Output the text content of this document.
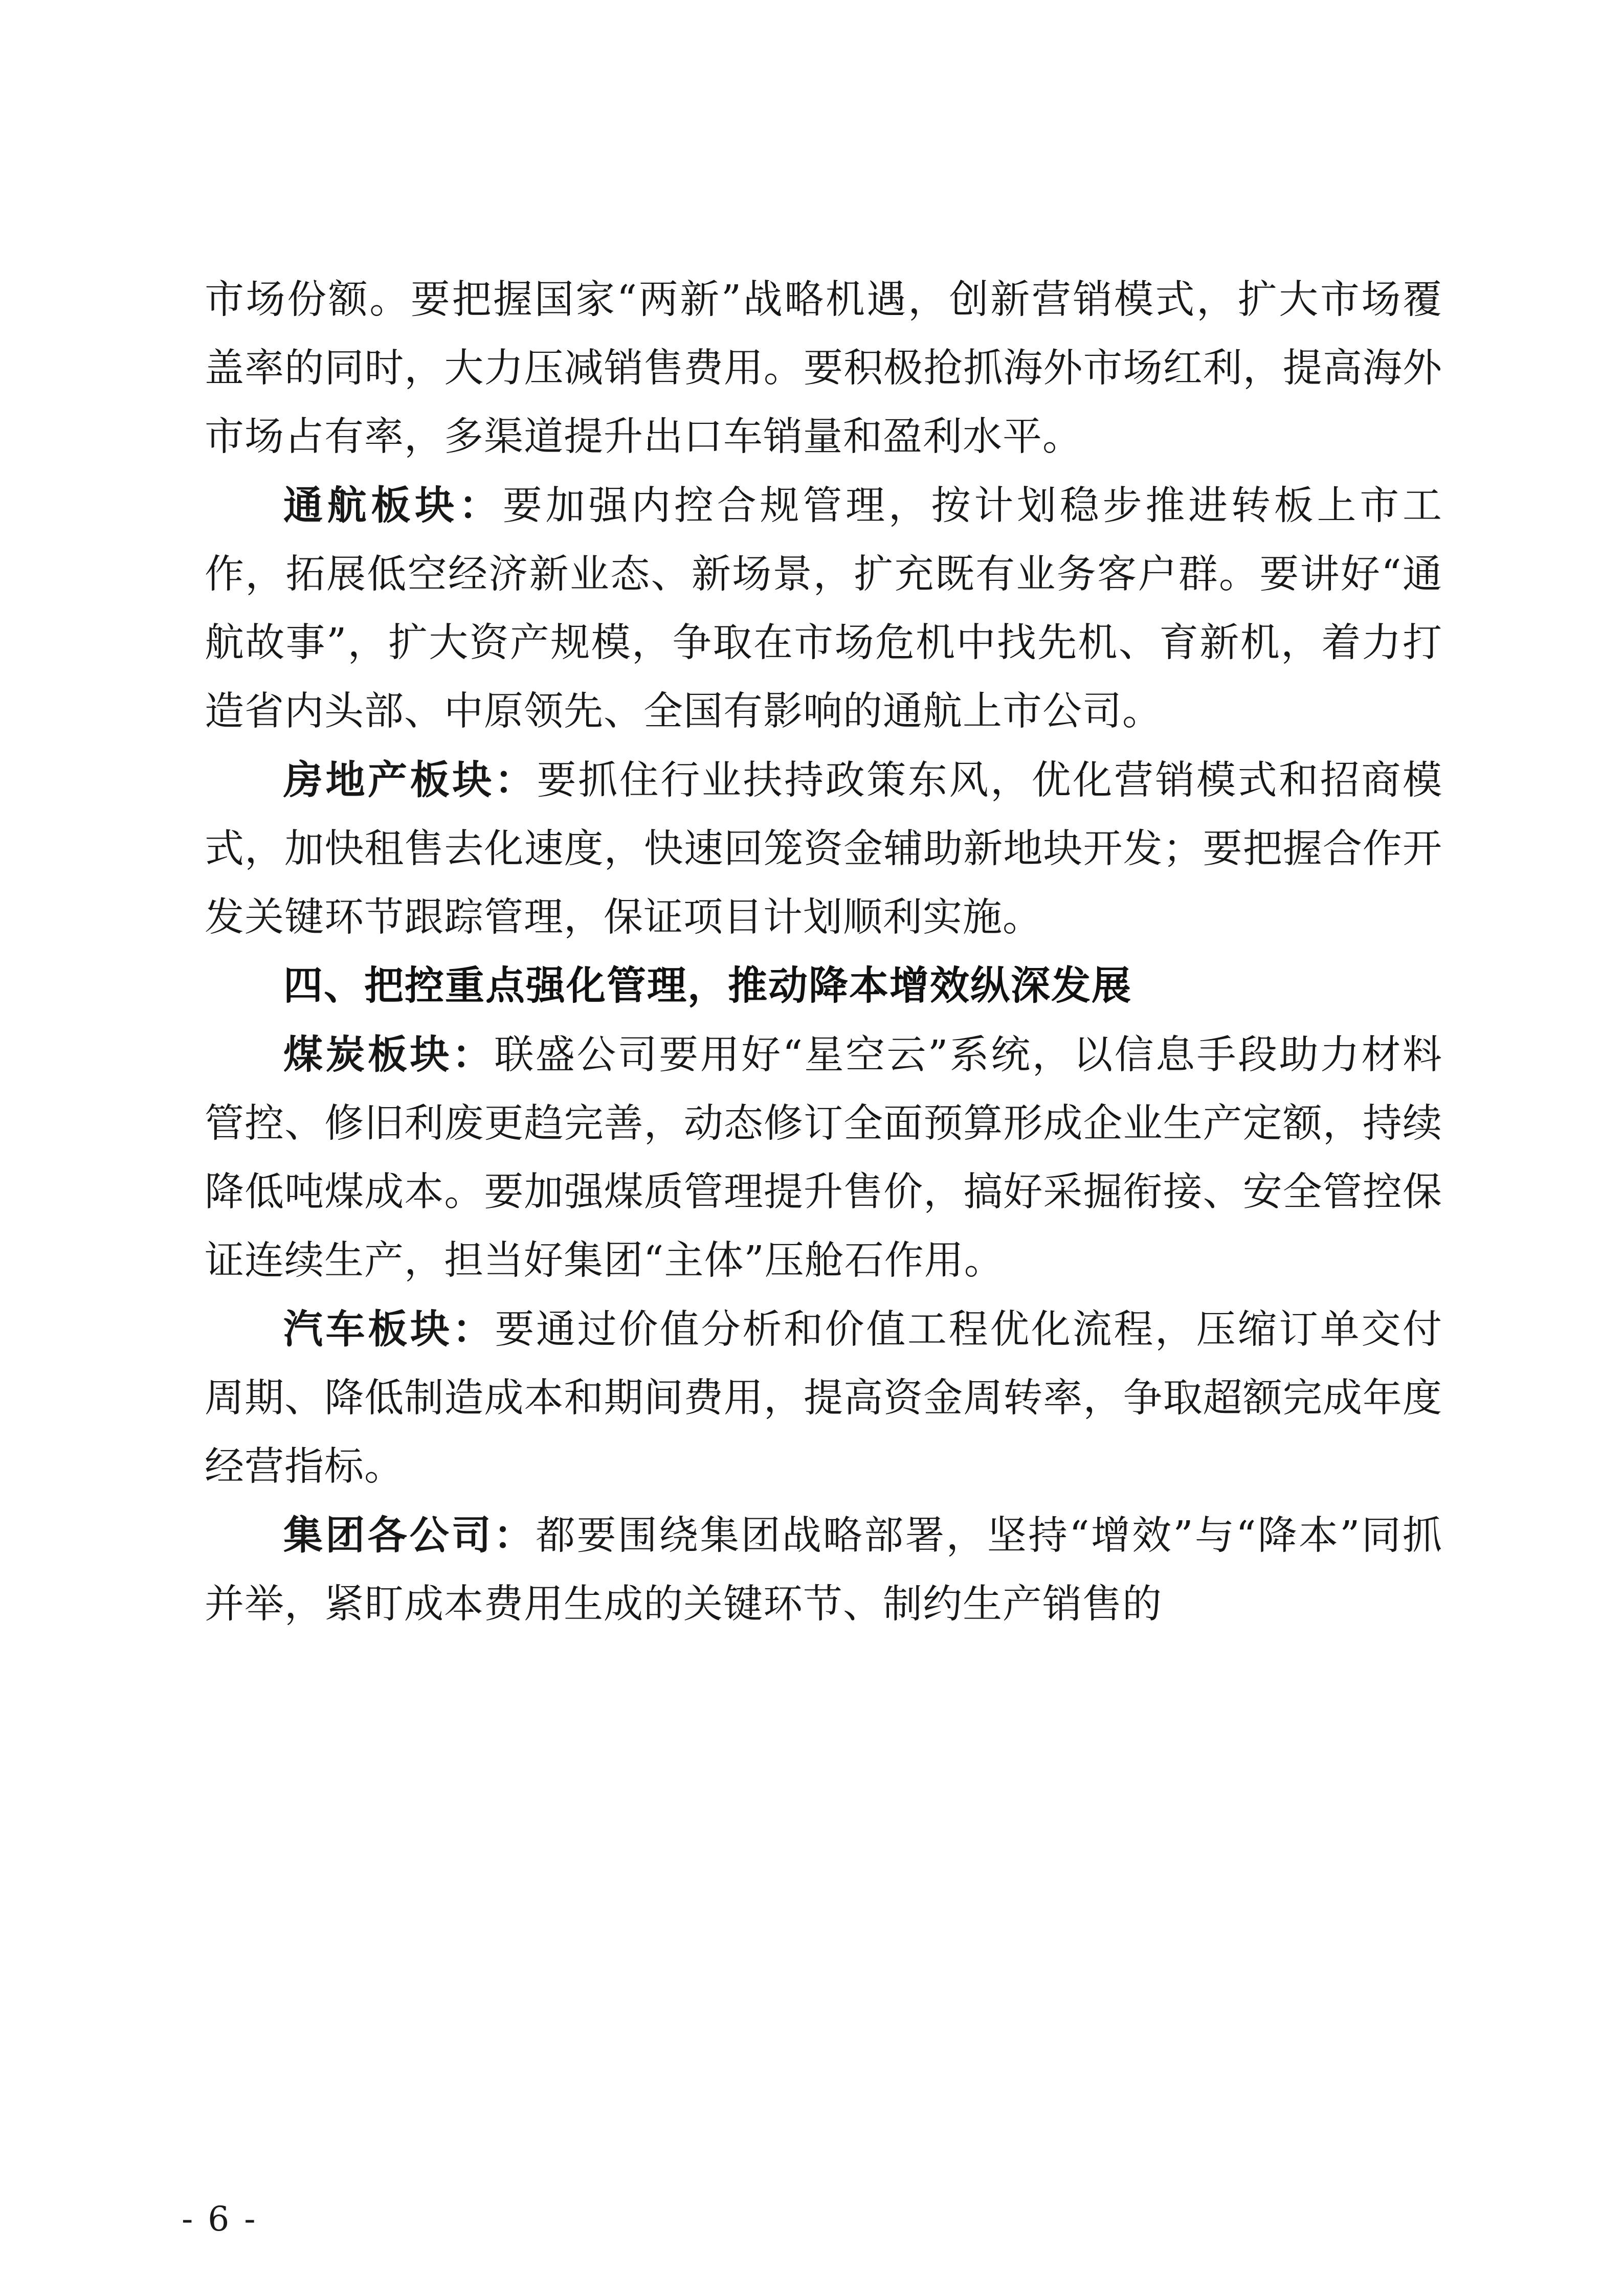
市场份额。要把握国家“两新”战略机遇，创新营销模式，扩大市场覆盖率的同时，大力压减销售费用。要积极抢抓海外市场红利，提高海外市场占有率，多渠道提升出口车销量和盈利水平。

通航板块：要加强内控合规管理，按计划稳步推进转板上市工作，拓展低空经济新业态、新场景，扩充既有业务客户群。要讲好“通航故事”，扩大资产规模，争取在市场危机中找先机、育新机，着力打造省内头部、中原领先、全国有影响的通航上市公司。

房地产板块：要抓住行业扶持政策东风，优化营销模式和招商模式，加快租售去化速度，快速回笼资金辅助新地块开发；要把握合作开发关键环节跟踪管理，保证项目计划顺利实施。

四、把控重点强化管理，推动降本增效纵深发展

煤炭板块：联盛公司要用好“星空云”系统，以信息手段助力材料管控、修旧利废更趋完善，动态修订全面预算形成企业生产定额，持续降低吨煤成本。要加强煤质管理提升售价，搞好采掘衔接、安全管控保证连续生产，担当好集团“主体”压舱石作用。

汽车板块：要通过价值分析和价值工程优化流程，压缩订单交付周期、降低制造成本和期间费用，提高资金周转率，争取超额完成年度经营指标。

集团各公司：都要围绕集团战略部署，坚持“增效”与“降本”同抓并举，紧盯成本费用生成的关键环节、制约生产销售的

- 6 -
